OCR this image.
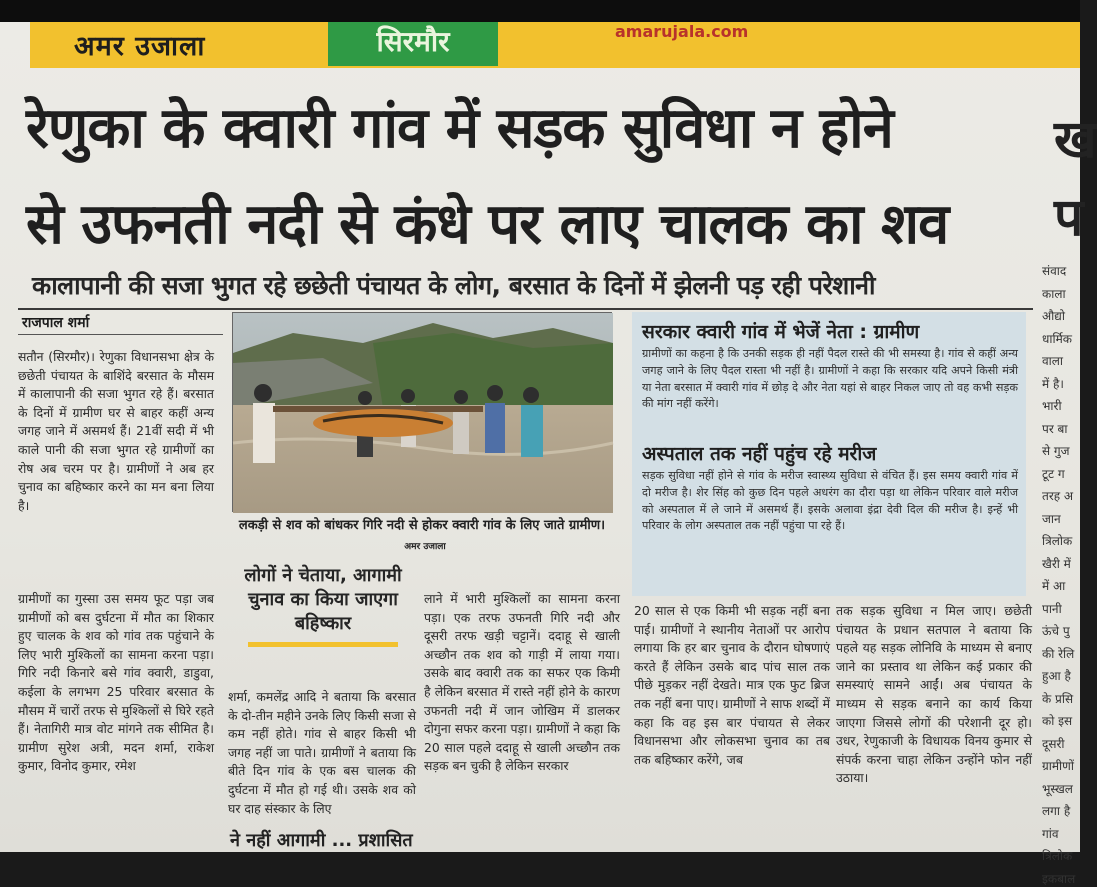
अमर उजाला	सिरमौर	amarujala.com
रेणुका के क्वारी गांव में सड़क सुविधा न होने
से उफनती नदी से कंधे पर लाए चालक का शव
कालापानी की सजा भुगत रहे छछेती पंचायत के लोग, बरसात के दिनों में झेलनी पड़ रही परेशानी
राजपाल शर्मा

सतौन (सिरमौर)। रेणुका विधानसभा क्षेत्र के छछेती पंचायत के बाशिंदे बरसात के मौसम में कालापानी की सजा भुगत रहे हैं। बरसात के दिनों में ग्रामीण घर से बाहर कहीं अन्य जगह जाने में असमर्थ हैं। 21वीं सदी में भी काले पानी की सजा भुगत रहे ग्रामीणों का रोष अब चरम पर है। ग्रामीणों ने अब हर चुनाव का बहिष्कार करने का मन बना लिया है।

ग्रामीणों का गुस्सा उस समय फूट पड़ा जब ग्रामीणों को बस दुर्घटना में मौत का शिकार हुए चालक के शव को गांव तक पहुंचाने के लिए भारी मुश्किलों का सामना करना पड़ा। गिरि नदी किनारे बसे गांव क्वारी, डाडुवा, कईला के लगभग 25 परिवार बरसात के मौसम में चारों तरफ से मुश्किलों से घिरे रहते हैं। नेतागिरी मात्र वोट मांगने तक सीमित है। ग्रामीण सुरेश अत्री, मदन शर्मा, राकेश कुमार, विनोद कुमार, रमेश

लकड़ी से शव को बांधकर गिरि नदी से होकर क्वारी गांव के लिए जाते ग्रामीण। अमर उजाला
लोगों ने चेताया, आगामी चुनाव का किया जाएगा बहिष्कार

शर्मा, कमलेंद्र आदि ने बताया कि बरसात के दो-तीन महीने उनके लिए किसी सजा से कम नहीं होते। गांव से बाहर किसी भी जगह नहीं जा पाते। ग्रामीणों ने बताया कि बीते दिन गांव के एक बस चालक की दुर्घटना में मौत हो गई थी। उसके शव को घर दाह संस्कार के लिए

लाने में भारी मुश्किलों का सामना करना पड़ा। एक तरफ उफनती गिरि नदी और दूसरी तरफ खड़ी चट्टानें। ददाहू से खाली अच्छौन तक शव को गाड़ी में लाया गया। उसके बाद क्वारी तक का सफर एक किमी है लेकिन बरसात में रास्ते नहीं होने के कारण उफनती नदी में जान जोखिम में डालकर दोगुना सफर करना पड़ा। ग्रामीणों ने कहा कि 20 साल पहले ददाहू से खाली अच्छौन तक सड़क बन चुकी है लेकिन सरकार

20 साल से एक किमी भी सड़क नहीं बना पाई। ग्रामीणों ने स्थानीय नेताओं पर आरोप लगाया कि हर बार चुनाव के दौरान घोषणाएं करते हैं लेकिन उसके बाद पांच साल तक पीछे मुड़कर नहीं देखते। मात्र एक फुट ब्रिज तक नहीं बना पाए। ग्रामीणों ने साफ शब्दों में कहा कि वह इस बार पंचायत से लेकर विधानसभा और लोकसभा चुनाव का तब तक बहिष्कार करेंगे, जब

तक सड़क सुविधा न मिल जाए। छछेती पंचायत के प्रधान सतपाल ने बताया कि पहले यह सड़क लोनिवि के माध्यम से बनाए जाने का प्रस्ताव था लेकिन कई प्रकार की समस्याएं सामने आईं। अब पंचायत के माध्यम से सड़क बनाने का कार्य किया जाएगा जिससे लोगों की परेशानी दूर हो। उधर, रेणुकाजी के विधायक विनय कुमार से संपर्क करना चाहा लेकिन उन्होंने फोन नहीं उठाया।

सरकार क्वारी गांव में भेजें नेता : ग्रामीण
ग्रामीणों का कहना है कि उनकी सड़क ही नहीं पैदल रास्ते की भी समस्या है। गांव से कहीं अन्य जगह जाने के लिए पैदल रास्ता भी नहीं है। ग्रामीणों ने कहा कि सरकार यदि अपने किसी मंत्री या नेता बरसात में क्वारी गांव में छोड़ दे और नेता यहां से बाहर निकल जाए तो वह कभी सड़क की मांग नहीं करेंगे।
अस्पताल तक नहीं पहुंच रहे मरीज
सड़क सुविधा नहीं होने से गांव के मरीज स्वास्थ्य सुविधा से वंचित हैं। इस समय क्वारी गांव में दो मरीज है। शेर सिंह को कुछ दिन पहले अधरंग का दौरा पड़ा था लेकिन परिवार वाले मरीज को अस्पताल में ले जाने में असमर्थ हैं। इसके अलावा इंद्रा देवी दिल की मरीज है। इन्हें भी परिवार के लोग अस्पताल तक नहीं पहुंचा पा रहे हैं।
ख
प
संवाद
काला
औद्यो
धार्मिक
वाला
में है।
भारी
पर बा
से गुज
टूट ग
तरह अ
जान
त्रिलोक
खैरी में
में आ
पानी
ऊंचे पु
की रेलि
हुआ है
के प्रसि
को इस
दूसरी
ग्रामीणों
भूस्खल
लगा है
गांव
त्रिलोक
इकबाल
ने नहीं आगामी ... प्रशासित
